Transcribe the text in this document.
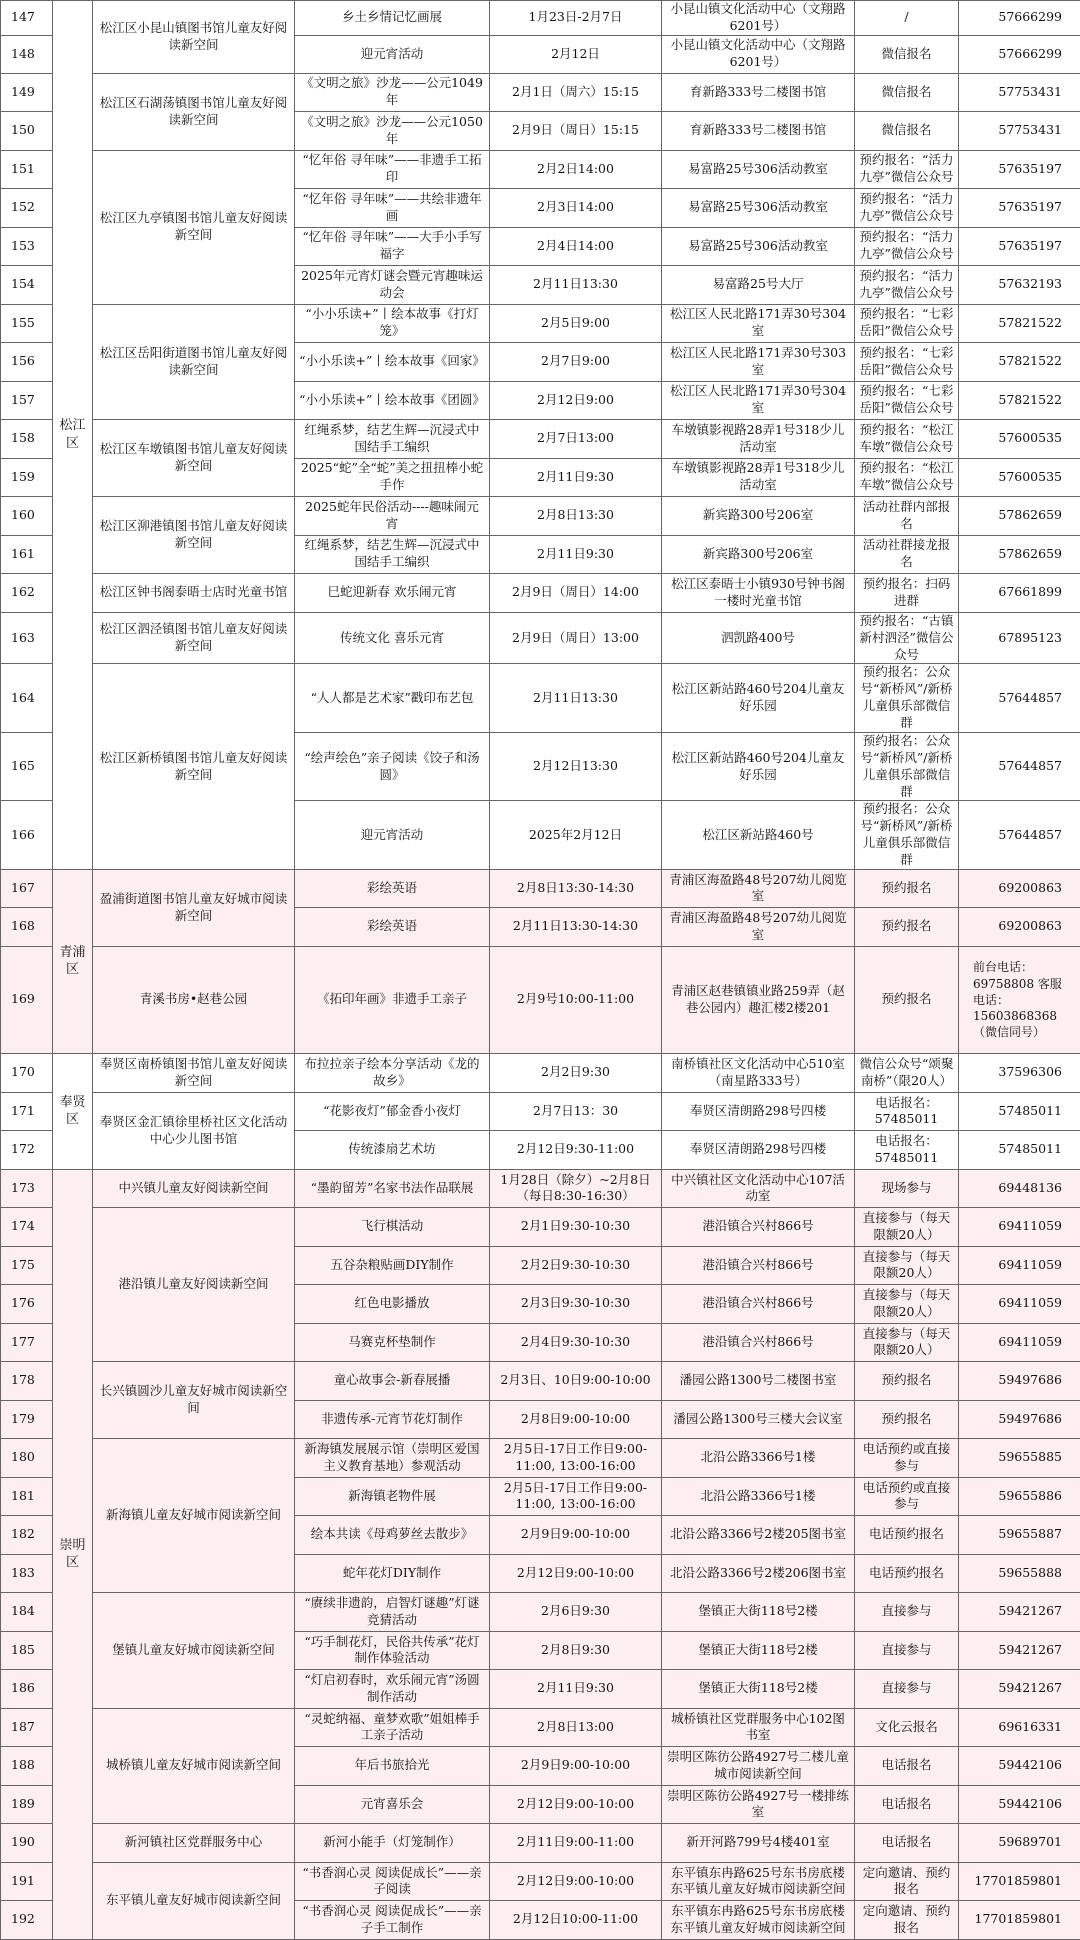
147	松江区	松江区小昆山镇图书馆儿童友好阅读新空间	乡土乡情记忆画展	1月23日-2月7日	小昆山镇文化活动中心（文翔路6201号）	/	57666299
148			迎元宵活动	2月12日	小昆山镇文化活动中心（文翔路6201号）	微信报名	57666299
149		松江区石湖荡镇图书馆儿童友好阅读新空间	《文明之旅》沙龙——公元1049年	2月1日（周六）15:15	育新路333号二楼图书馆	微信报名	57753431
150			《文明之旅》沙龙——公元1050年	2月9日（周日）15:15	育新路333号二楼图书馆	微信报名	57753431
151		松江区九亭镇图书馆儿童友好阅读新空间	“忆年俗 寻年味”——非遗手工拓印	2月2日14:00	易富路25号306活动教室	预约报名：“活力九亭”微信公众号	57635197
152			“忆年俗 寻年味”——共绘非遗年画	2月3日14:00	易富路25号306活动教室	预约报名：“活力九亭”微信公众号	57635197
153			“忆年俗 寻年味”——大手小手写福字	2月4日14:00	易富路25号306活动教室	预约报名：“活力九亭”微信公众号	57635197
154			2025年元宵灯谜会暨元宵趣味运动会	2月11日13:30	易富路25号大厅	预约报名：“活力九亭”微信公众号	57632193
155		松江区岳阳街道图书馆儿童友好阅读新空间	“小小乐读+”丨绘本故事《打灯笼》	2月5日9:00	松江区人民北路171弄30号304室	预约报名：“七彩岳阳”微信公众号	57821522
156			“小小乐读+”丨绘本故事《回家》	2月7日9:00	松江区人民北路171弄30号303室	预约报名：“七彩岳阳”微信公众号	57821522
157			“小小乐读+”丨绘本故事《团圆》	2月12日9:00	松江区人民北路171弄30号304室	预约报名：“七彩岳阳”微信公众号	57821522
158		松江区车墩镇图书馆儿童友好阅读新空间	红绳系梦，结艺生辉—沉浸式中国结手工编织	2月7日13:00	车墩镇影视路28弄1号318少儿活动室	预约报名：“松江车墩”微信公众号	57600535
159			2025“蛇”全“蛇”美之扭扭棒小蛇手作	2月11日9:30	车墩镇影视路28弄1号318少儿活动室	预约报名：“松江车墩”微信公众号	57600535
160		松江区泖港镇图书馆儿童友好阅读新空间	2025蛇年民俗活动----趣味闹元宵	2月8日13:30	新宾路300号206室	活动社群内部报名	57862659
161			红绳系梦，结艺生辉—沉浸式中国结手工编织	2月11日9:30	新宾路300号206室	活动社群接龙报名	57862659
162		松江区钟书阁泰晤士店时光童书馆	巳蛇迎新春 欢乐闹元宵	2月9日（周日）14:00	松江区泰晤士小镇930号钟书阁一楼时光童书馆	预约报名：扫码进群	67661899
163		松江区泗泾镇图书馆儿童友好阅读新空间	传统文化 喜乐元宵	2月9日（周日）13:00	泗凯路400号	预约报名：“古镇新村泗泾”微信公众号	67895123
164		松江区新桥镇图书馆儿童友好阅读新空间	“人人都是艺术家”戳印布艺包	2月11日13:30	松江区新站路460号204儿童友好乐园	预约报名：公众号“新桥风”/新桥儿童俱乐部微信群	57644857
165			“绘声绘色”亲子阅读《饺子和汤圆》	2月12日13:30	松江区新站路460号204儿童友好乐园	预约报名：公众号“新桥风”/新桥儿童俱乐部微信群	57644857
166			迎元宵活动	2025年2月12日	松江区新站路460号	预约报名：公众号“新桥风”/新桥儿童俱乐部微信群	57644857
167	青浦区	盈浦街道图书馆儿童友好城市阅读新空间	彩绘英语	2月8日13:30-14:30	青浦区海盈路48号207幼儿阅览室	预约报名	69200863
168			彩绘英语	2月11日13:30-14:30	青浦区海盈路48号207幼儿阅览室	预约报名	69200863
169		青溪书房•赵巷公园	《拓印年画》非遗手工亲子	2月9号10:00-11:00	青浦区赵巷镇镇业路259弄（赵巷公园内）趣汇楼2楼201	预约报名	前台电话：69758808 客服电话：15603868368（微信同号）
170	奉贤区	奉贤区南桥镇图书馆儿童友好阅读新空间	布拉拉亲子绘本分享活动《龙的故乡》	2月2日9:30	南桥镇社区文化活动中心510室（南星路333号）	微信公众号“颂聚南桥”（限20人）	37596306
171		奉贤区金汇镇徐里桥社区文化活动中心少儿图书馆	“花影夜灯”郁金香小夜灯	2月7日13：30	奉贤区清朗路298号四楼	电话报名：57485011	57485011
172			传统漆扇艺术坊	2月12日9:30-11:00	奉贤区清朗路298号四楼	电话报名：57485011	57485011
173	崇明区	中兴镇儿童友好阅读新空间	“墨韵留芳”名家书法作品联展	1月28日（除夕）~2月8日（每日8:30-16:30）	中兴镇社区文化活动中心107活动室	现场参与	69448136
174		港沿镇儿童友好阅读新空间	飞行棋活动	2月1日9:30-10:30	港沿镇合兴村866号	直接参与（每天限额20人）	69411059
175			五谷杂粮贴画DIY制作	2月2日9:30-10:30	港沿镇合兴村866号	直接参与（每天限额20人）	69411059
176			红色电影播放	2月3日9:30-10:30	港沿镇合兴村866号	直接参与（每天限额20人）	69411059
177			马赛克杯垫制作	2月4日9:30-10:30	港沿镇合兴村866号	直接参与（每天限额20人）	69411059
178		长兴镇圆沙儿童友好城市阅读新空间	童心故事会-新春展播	2月3日、10日9:00-10:00	潘园公路1300号二楼图书室	预约报名	59497686
179			非遗传承-元宵节花灯制作	2月8日9:00-10:00	潘园公路1300号三楼大会议室	预约报名	59497686
180		新海镇儿童友好城市阅读新空间	新海镇发展展示馆（崇明区爱国主义教育基地）参观活动	2月5日-17日工作日9:00-11:00, 13:00-16:00	北沿公路3366号1楼	电话预约或直接参与	59655885
181			新海镇老物件展	2月5日-17日工作日9:00-11:00, 13:00-16:00	北沿公路3366号1楼	电话预约或直接参与	59655886
182			绘本共读《母鸡萝丝去散步》	2月9日9:00-10:00	北沿公路3366号2楼205图书室	电话预约报名	59655887
183			蛇年花灯DIY制作	2月12日9:00-10:00	北沿公路3366号2楼206图书室	电话预约报名	59655888
184		堡镇儿童友好城市阅读新空间	“赓续非遗韵，启智灯谜趣”灯谜竞猜活动	2月6日9:30	堡镇正大街118号2楼	直接参与	59421267
185			“巧手制花灯，民俗共传承”花灯制作体验活动	2月8日9:30	堡镇正大街118号2楼	直接参与	59421267
186			“灯启初春时，欢乐闹元宵”汤圆制作活动	2月11日9:30	堡镇正大街118号2楼	直接参与	59421267
187		城桥镇儿童友好城市阅读新空间	“灵蛇纳福、童梦欢歌”姐姐棒手工亲子活动	2月8日13:00	城桥镇社区党群服务中心102图书室	文化云报名	69616331
188			年后书旅拾光	2月9日9:00-10:00	崇明区陈彷公路4927号二楼儿童城市阅读新空间	电话报名	59442106
189			元宵喜乐会	2月12日9:00-10:00	崇明区陈彷公路4927号一楼排练室	电话报名	59442106
190		新河镇社区党群服务中心	新河小能手（灯笼制作）	2月11日9:00-11:00	新开河路799号4楼401室	电话报名	59689701
191		东平镇儿童友好城市阅读新空间	“书香润心灵 阅读促成长”——亲子阅读	2月12日9:00-10:00	东平镇东冉路625号东书房底楼 东平镇儿童友好城市阅读新空间	定向邀请、预约报名	17701859801
192			“书香润心灵 阅读促成长”——亲子手工制作	2月12日10:00-11:00	东平镇东冉路625号东书房底楼 东平镇儿童友好城市阅读新空间	定向邀请、预约报名	17701859801
